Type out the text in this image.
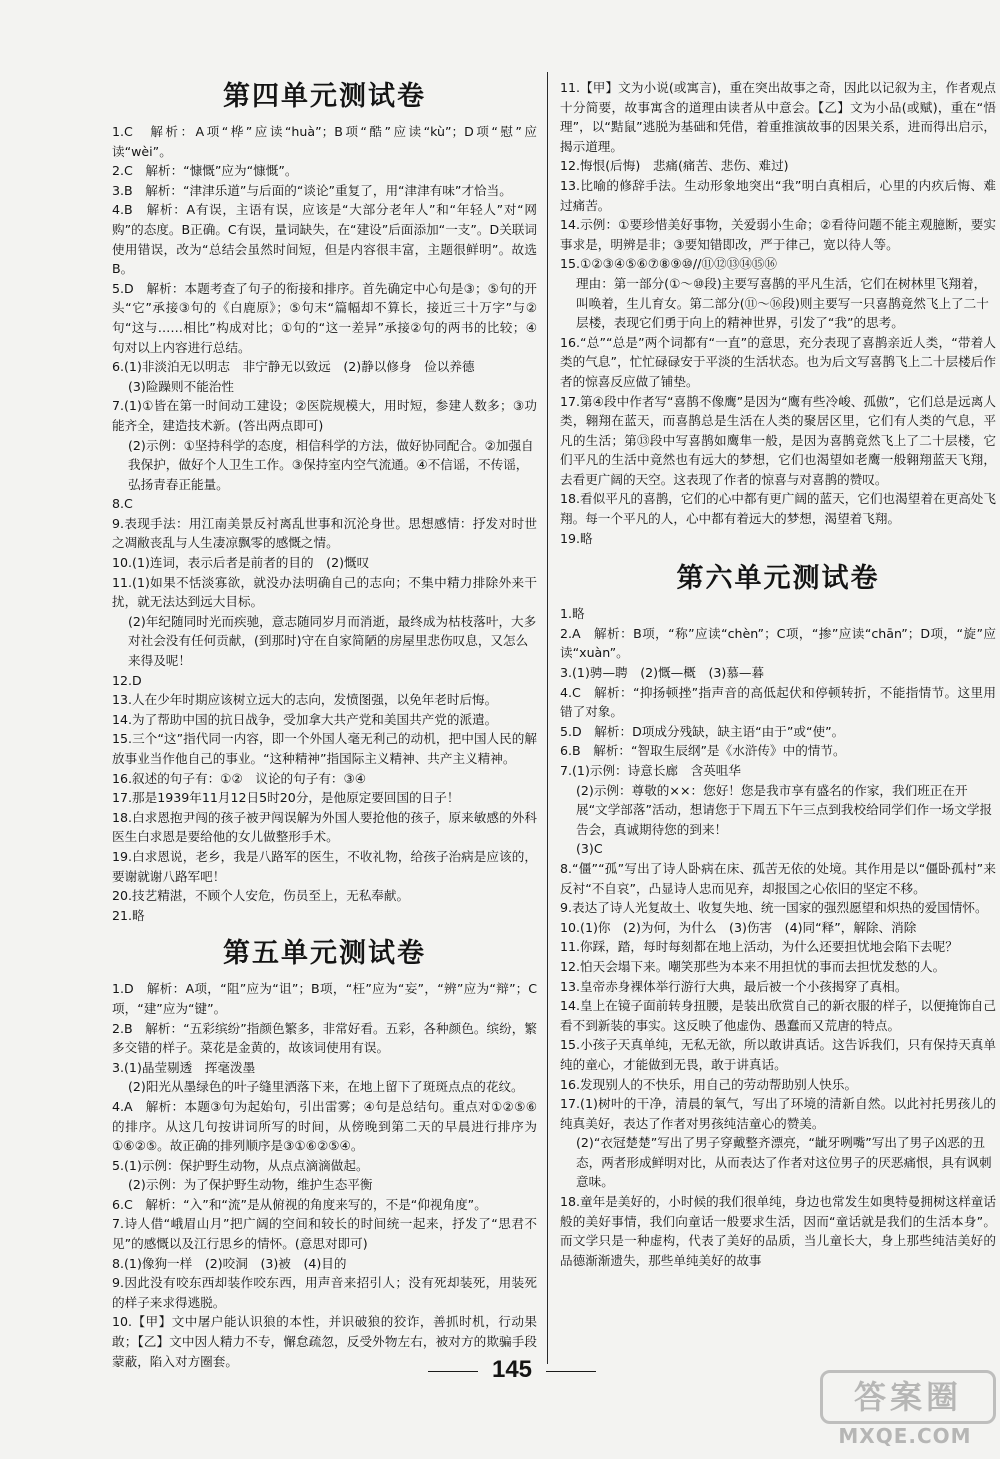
第四单元测试卷

1.C　解析：A项“桦”应读“huà”；B项“酷”应读“kù”；D项“慰”应读“wèi”。

2.C　解析：“慷慨”应为“慷慨”。

3.B　解析：“津津乐道”与后面的“谈论”重复了，用“津津有味”才恰当。

4.B　解析：A有误，主语有误，应该是“大部分老年人”和“年轻人”对“网购”的态度。B正确。C有误，量词缺失，在“建设”后面添加“一支”。D关联词使用错误，改为“总结会虽然时间短，但是内容很丰富，主题很鲜明”。故选B。

5.D　解析：本题考查了句子的衔接和排序。首先确定中心句是③；⑤句的开头“它”承接③句的《白鹿原》；⑤句末“篇幅却不算长，接近三十万字”与②句“这与……相比”构成对比；①句的“这一差异”承接②句的两书的比较；④句对以上内容进行总结。

6.(1)非淡泊无以明志　非宁静无以致远　(2)静以修身　俭以养德

(3)险躁则不能治性

7.(1)①皆在第一时间动工建设；②医院规模大，用时短，参建人数多；③功能齐全，建造技术新。(答出两点即可)

(2)示例：①坚持科学的态度，相信科学的方法，做好协同配合。②加强自我保护，做好个人卫生工作。③保持室内空气流通。④不信谣，不传谣，弘扬青春正能量。

8.C

9.表现手法：用江南美景反衬离乱世事和沉沦身世。思想感情：抒发对时世之凋敝丧乱与人生凄凉飘零的感慨之情。

10.(1)连词，表示后者是前者的目的　(2)慨叹

11.(1)如果不恬淡寡欲，就没办法明确自己的志向；不集中精力排除外来干扰，就无法达到远大目标。

(2)年纪随同时光而疾驰，意志随同岁月而消逝，最终成为枯枝落叶，大多对社会没有任何贡献，(到那时)守在自家简陋的房屋里悲伤叹息，又怎么来得及呢！

12.D

13.人在少年时期应该树立远大的志向，发愤图强，以免年老时后悔。

14.为了帮助中国的抗日战争，受加拿大共产党和美国共产党的派遣。

15.三个“这”指代同一内容，即一个外国人毫无利己的动机，把中国人民的解放事业当作他自己的事业。“这种精神”指国际主义精神、共产主义精神。

16.叙述的句子有：①②　议论的句子有：③④

17.那是1939年11月12日5时20分，是他原定要回国的日子！

18.白求恩抱尹闯的孩子被尹闯误解为外国人要抢他的孩子，原来敏感的外科医生白求恩是要给他的女儿做整形手术。

19.白求恩说，老乡，我是八路军的医生，不收礼物，给孩子治病是应该的，要谢就谢八路军吧！

20.技艺精湛，不顾个人安危，伤员至上，无私奉献。

21.略

第五单元测试卷

1.D　解析：A项，“阻”应为“诅”；B项，“枉”应为“妄”，“辨”应为“辩”；C项，“建”应为“键”。

2.B　解析：“五彩缤纷”指颜色繁多，非常好看。五彩，各种颜色。缤纷，繁多交错的样子。菜花是金黄的，故该词使用有误。

3.(1)晶莹剔透　挥毫泼墨

(2)阳光从墨绿色的叶子缝里洒落下来，在地上留下了斑斑点点的花纹。

4.A　解析：本题③句为起始句，引出雷雾；④句是总结句。重点对①②⑤⑥的排序。从这几句按讲词所写的时间，从傍晚到第二天的早晨进行排序为①⑥②⑤。故正确的排列顺序是③①⑥②⑤④。

5.(1)示例：保护野生动物，从点点滴滴做起。

(2)示例：为了保护野生动物，维护生态平衡

6.C　解析：“入”和“流”是从俯视的角度来写的，不是“仰视角度”。

7.诗人借“峨眉山月”把广阔的空间和较长的时间统一起来，抒发了“思君不见”的感慨以及江行思乡的情怀。(意思对即可)

8.(1)像狗一样　(2)咬洞　(3)被　(4)目的

9.因此没有咬东西却装作咬东西，用声音来招引人；没有死却装死，用装死的样子来求得逃脱。

10.【甲】文中屠户能认识狼的本性，并识破狼的狡诈，善抓时机，行动果敢；【乙】文中因人精力不专，懈怠疏忽，反受外物左右，被对方的欺骗手段蒙蔽，陷入对方圈套。

11.【甲】文为小说(或寓言)，重在突出故事之奇，因此以记叙为主，作者观点十分简要，故事寓含的道理由读者从中意会。【乙】文为小品(或赋)，重在“悟理”，以“黠鼠”逃脱为基础和凭借，着重推演故事的因果关系，进而得出启示，揭示道理。

12.悔恨(后悔)　悲痛(痛苦、悲伤、难过)

13.比喻的修辞手法。生动形象地突出“我”明白真相后，心里的内疚后悔、难过痛苦。

14.示例：①要珍惜美好事物，关爱弱小生命；②看待问题不能主观臆断，要实事求是，明辨是非；③要知错即改，严于律己，宽以待人等。

15.①②③④⑤⑥⑦⑧⑨⑩//⑪⑫⑬⑭⑮⑯

理由：第一部分(①～⑩段)主要写喜鹊的平凡生活，它们在树林里飞翔着，叫唤着，生儿育女。第二部分(⑪～⑯段)则主要写一只喜鹊竟然飞上了二十层楼，表现它们勇于向上的精神世界，引发了“我”的思考。

16.“总”“总是”两个词都有“一直”的意思，充分表现了喜鹊亲近人类，“带着人类的气息”，忙忙碌碌安于平淡的生活状态。也为后文写喜鹊飞上二十层楼后作者的惊喜反应做了铺垫。

17.第④段中作者写“喜鹊不像鹰”是因为“鹰有些冷峻、孤傲”，它们总是远离人类，翱翔在蓝天，而喜鹊总是生活在人类的聚居区里，它们有人类的气息，平凡的生活；第⑬段中写喜鹊如鹰隼一般，是因为喜鹊竟然飞上了二十层楼，它们平凡的生活中竟然也有远大的梦想，它们也渴望如老鹰一般翱翔蓝天飞翔，去看更广阔的天空。这表现了作者的惊喜与对喜鹊的赞叹。

18.看似平凡的喜鹊，它们的心中都有更广阔的蓝天，它们也渴望着在更高处飞翔。每一个平凡的人，心中都有着远大的梦想，渴望着飞翔。

19.略

第六单元测试卷

1.略

2.A　解析：B项，“称”应读“chèn”；C项，“掺”应读“chān”；D项，“旋”应读“xuàn”。

3.(1)骋—聘　(2)慨—概　(3)慕—暮

4.C　解析：“抑扬顿挫”指声音的高低起伏和停顿转折，不能指情节。这里用错了对象。

5.D　解析：D项成分残缺，缺主语“由于”或“使”。

6.B　解析：“智取生辰纲”是《水浒传》中的情节。

7.(1)示例：诗意长廊　含英咀华

(2)示例：尊敬的××：您好！您是我市享有盛名的作家，我们班正在开展“文学部落”活动，想请您于下周五下午三点到我校给同学们作一场文学报告会，真诚期待您的到来！

(3)C

8.“僵”“孤”写出了诗人卧病在床、孤苦无依的处境。其作用是以“僵卧孤村”来反衬“不自哀”，凸显诗人忠而见弃，却报国之心依旧的坚定不移。

9.表达了诗人光复故土、收复失地、统一国家的强烈愿望和炽热的爱国情怀。

10.(1)你　(2)为何，为什么　(3)伤害　(4)同“释”，解除、消除

11.你踩，踏，每时每刻都在地上活动，为什么还要担忧地会陷下去呢？

12.怕天会塌下来。嘲笑那些为本来不用担忧的事而去担忧发愁的人。

13.皇帝赤身裸体举行游行大典，最后被一个小孩揭穿了真相。

14.皇上在镜子面前转身扭腰，是装出欣赏自己的新衣服的样子，以便掩饰自己看不到新装的事实。这反映了他虚伪、愚蠢而又荒唐的特点。

15.小孩子天真单纯，无私无欲，所以敢讲真话。这告诉我们，只有保持天真单纯的童心，才能做到无畏，敢于讲真话。

16.发现别人的不快乐，用自己的劳动帮助别人快乐。

17.(1)树叶的干净，清晨的氧气，写出了环境的清新自然。以此衬托男孩儿的纯真美好，表达了作者对男孩纯洁童心的赞美。

(2)“衣冠楚楚”写出了男子穿戴整齐漂亮，“龇牙咧嘴”写出了男子凶恶的丑态，两者形成鲜明对比，从而表达了作者对这位男子的厌恶痛恨，具有讽刺意味。

18.童年是美好的，小时候的我们很单纯，身边也常发生如奥特曼拥树这样童话般的美好事情，我们向童话一般要求生活，因而“童话就是我们的生活本身”。而文学只是一种虚构，代表了美好的品质，当儿童长大，身上那些纯洁美好的品德渐渐遗失，那些单纯美好的故事

145
答案圈
MXQE.COM
